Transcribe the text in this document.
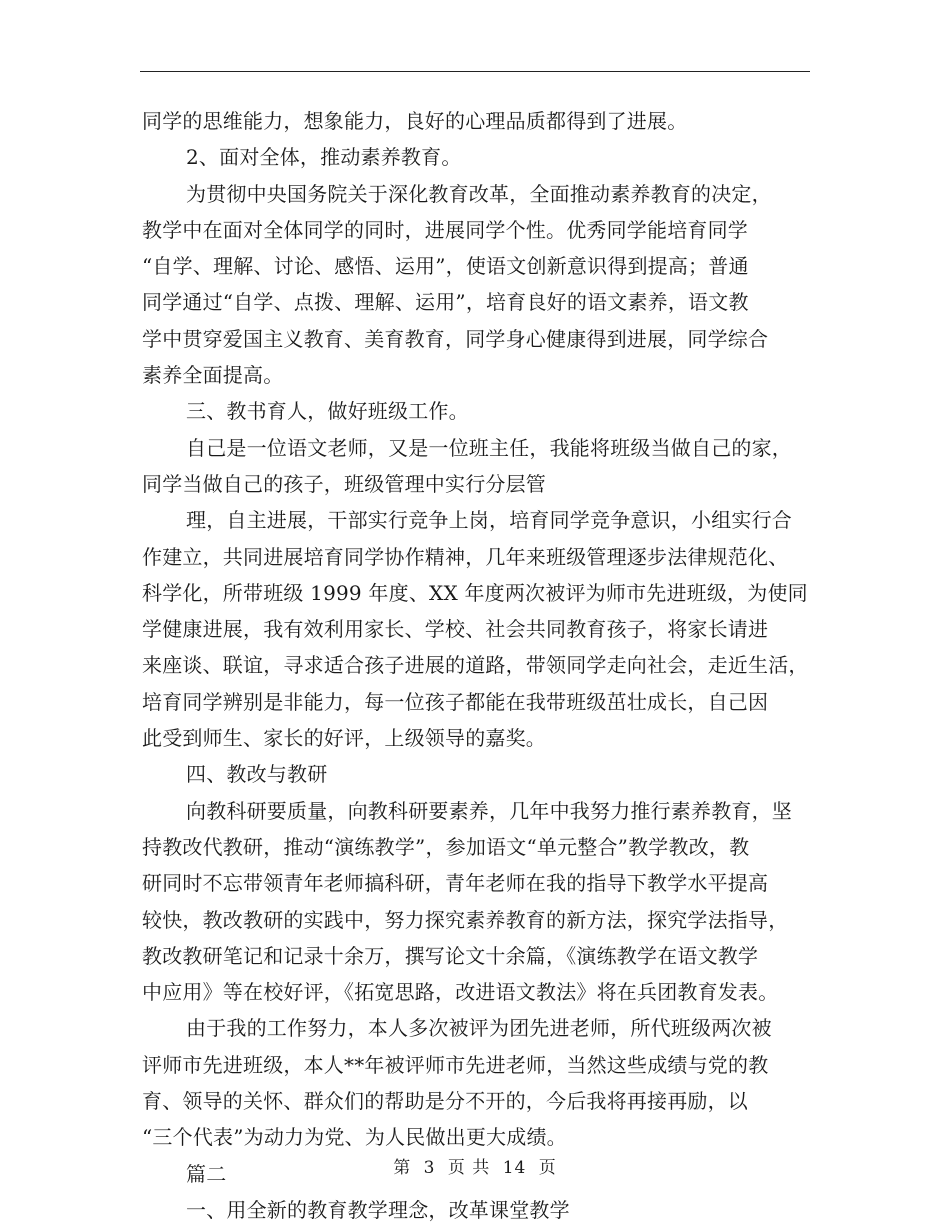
同学的思维能力，想象能力，良好的心理品质都得到了进展。
2、面对全体，推动素养教育。
为贯彻中央国务院关于深化教育改革，全面推动素养教育的决定，
教学中在面对全体同学的同时，进展同学个性。优秀同学能培育同学
“自学、理解、讨论、感悟、运用”，使语文创新意识得到提高；普通
同学通过“自学、点拨、理解、运用”，培育良好的语文素养，语文教
学中贯穿爱国主义教育、美育教育，同学身心健康得到进展，同学综合
素养全面提高。
三、教书育人，做好班级工作。
自己是一位语文老师，又是一位班主任，我能将班级当做自己的家，
同学当做自己的孩子，班级管理中实行分层管
理，自主进展，干部实行竞争上岗，培育同学竞争意识，小组实行合
作建立，共同进展培育同学协作精神，几年来班级管理逐步法律规范化、
科学化，所带班级 1999 年度、XX 年度两次被评为师市先进班级，为使同
学健康进展，我有效利用家长、学校、社会共同教育孩子，将家长请进
来座谈、联谊，寻求适合孩子进展的道路，带领同学走向社会，走近生活，
培育同学辨别是非能力，每一位孩子都能在我带班级茁壮成长，自己因
此受到师生、家长的好评，上级领导的嘉奖。
四、教改与教研
向教科研要质量，向教科研要素养，几年中我努力推行素养教育，坚
持教改代教研，推动“演练教学”，参加语文“单元整合”教学教改，教
研同时不忘带领青年老师搞科研，青年老师在我的指导下教学水平提高
较快，教改教研的实践中，努力探究素养教育的新方法，探究学法指导，
教改教研笔记和记录十余万，撰写论文十余篇，《演练教学在语文教学
中应用》等在校好评，《拓宽思路，改进语文教法》将在兵团教育发表。
由于我的工作努力，本人多次被评为团先进老师，所代班级两次被
评师市先进班级，本人**年被评师市先进老师，当然这些成绩与党的教
育、领导的关怀、群众们的帮助是分不开的，今后我将再接再励，以
“三个代表”为动力为党、为人民做出更大成绩。
篇二
一、用全新的教育教学理念，改革课堂教学
第 3 页 共 14 页
